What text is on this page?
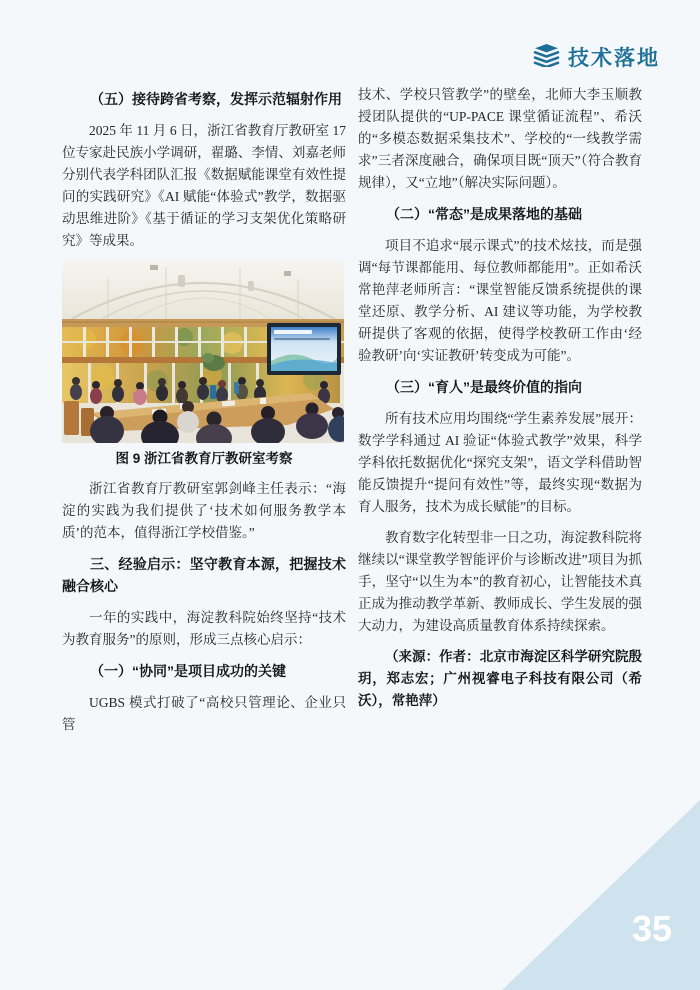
技术落地
（五）接待跨省考察，发挥示范辐射作用

2025 年 11 月 6 日，浙江省教育厅教研室 17 位专家赴民族小学调研，翟璐、李情、刘嘉老师分别代表学科团队汇报《数据赋能课堂有效性提问的实践研究》《AI 赋能“体验式”教学，数据驱动思维进阶》《基于循证的学习支架优化策略研究》等成果。

图 9 浙江省教育厅教研室考察

浙江省教育厅教研室郭剑峰主任表示：“海淀的实践为我们提供了‘技术如何服务教学本质’的范本，值得浙江学校借鉴。”

三、经验启示：坚守教育本源，把握技术融合核心

一年的实践中，海淀教科院始终坚持“技术为教育服务”的原则，形成三点核心启示：

（一）“协同”是项目成功的关键

UGBS 模式打破了“高校只管理论、企业只管

技术、学校只管教学”的壁垒，北师大李玉顺教授团队提供的“UP-PACE 课堂循证流程”、希沃的“多模态数据采集技术”、学校的“一线教学需求”三者深度融合，确保项目既“顶天”（符合教育规律），又“立地”（解决实际问题）。

（二）“常态”是成果落地的基础

项目不追求“展示课式”的技术炫技，而是强调“每节课都能用、每位教师都能用”。正如希沃常艳萍老师所言：“课堂智能反馈系统提供的课堂还原、教学分析、AI 建议等功能，为学校教研提供了客观的依据，使得学校教研工作由‘经验教研’向‘实证教研’转变成为可能”。

（三）“育人”是最终价值的指向

所有技术应用均围绕“学生素养发展”展开：数学学科通过 AI 验证“体验式教学”效果，科学学科依托数据优化“探究支架”，语文学科借助智能反馈提升“提问有效性”等，最终实现“数据为育人服务，技术为成长赋能”的目标。

教育数字化转型非一日之功，海淀教科院将继续以“课堂教学智能评价与诊断改进”项目为抓手，坚守“以生为本”的教育初心，让智能技术真正成为推动教学革新、教师成长、学生发展的强大动力，为建设高质量教育体系持续探索。

（来源：作者：北京市海淀区科学研究院殷玥，郑志宏；广州视睿电子科技有限公司（希沃），常艳萍）

35
